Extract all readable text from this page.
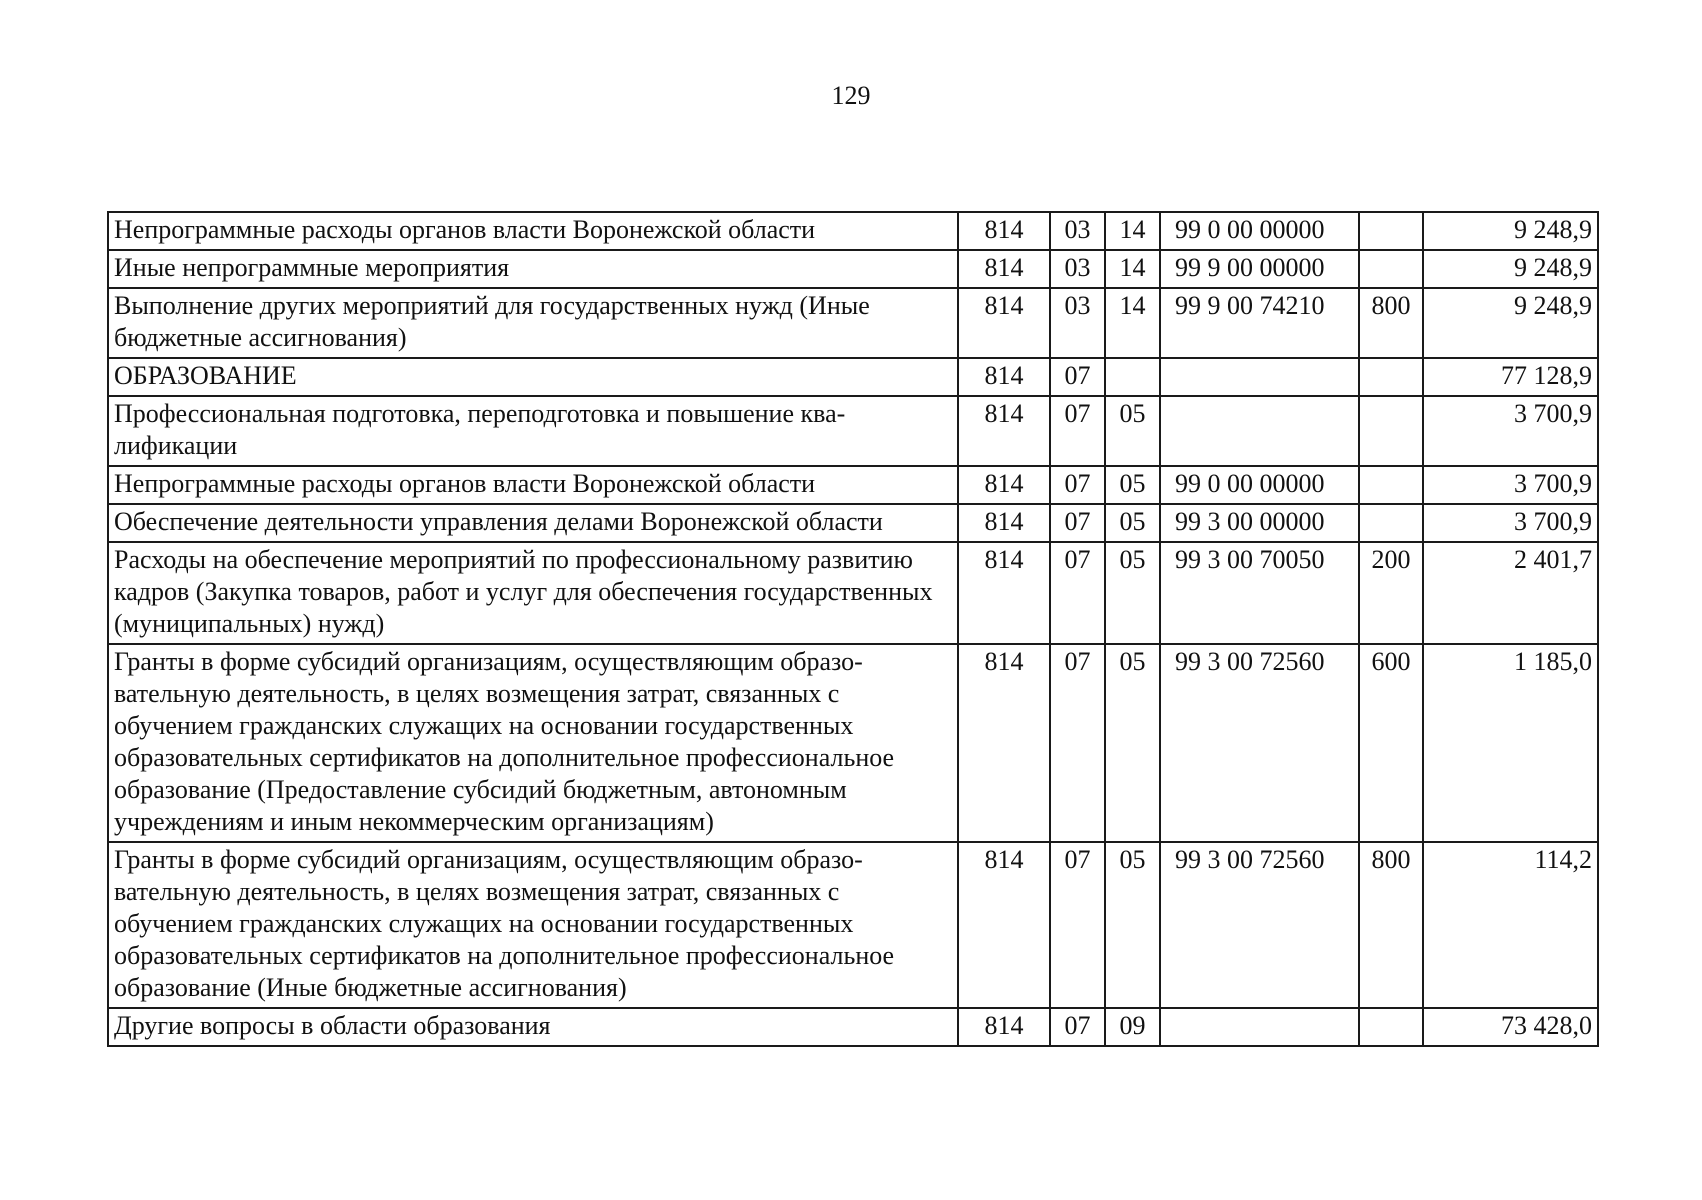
129
Непрограммные расходы органов власти Воронежской области	814	03	14	99 0 00 00000		9 248,9
Иные непрограммные мероприятия	814	03	14	99 9 00 00000		9 248,9
Выполнение других мероприятий для государственных нужд (Иные бюджетные ассигнования)	814	03	14	99 9 00 74210	800	9 248,9
ОБРАЗОВАНИЕ	814	07				77 128,9
Профессиональная подготовка, переподготовка и повышение квалификации	814	07	05			3 700,9
Непрограммные расходы органов власти Воронежской области	814	07	05	99 0 00 00000		3 700,9
Обеспечение деятельности управления делами Воронежской области	814	07	05	99 3 00 00000		3 700,9
Расходы на обеспечение мероприятий по профессиональному развитию кадров (Закупка товаров, работ и услуг для обеспечения государственных (муниципальных) нужд)	814	07	05	99 3 00 70050	200	2 401,7
Гранты в форме субсидий организациям, осуществляющим образовательную деятельность, в целях возмещения затрат, связанных с обучением гражданских служащих на основании государственных образовательных сертификатов на дополнительное профессиональное образование (Предоставление субсидий бюджетным, автономным учреждениям и иным некоммерческим организациям)	814	07	05	99 3 00 72560	600	1 185,0
Гранты в форме субсидий организациям, осуществляющим образовательную деятельность, в целях возмещения затрат, связанных с обучением гражданских служащих на основании государственных образовательных сертификатов на дополнительное профессиональное образование (Иные бюджетные ассигнования)	814	07	05	99 3 00 72560	800	114,2
Другие вопросы в области образования	814	07	09			73 428,0
